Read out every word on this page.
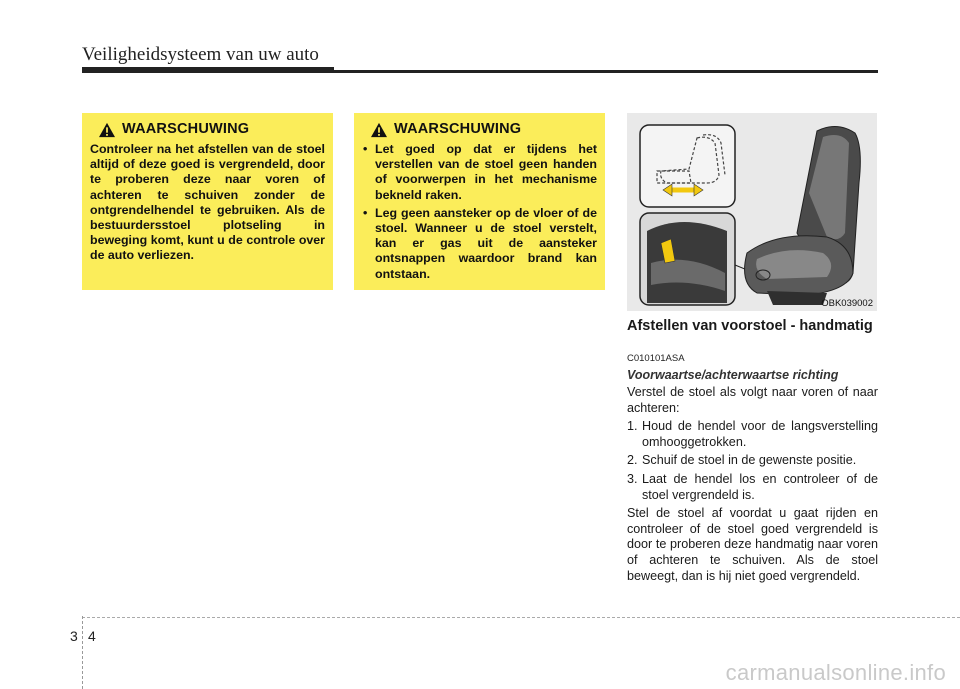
Veiligheidsysteem van uw auto
WAARSCHUWING
Controleer na het afstellen van de stoel altijd of deze goed is vergrendeld, door te proberen deze naar voren of achteren te schuiven zonder de ontgrendelhendel te gebruiken. Als de bestuurdersstoel plotseling in beweging komt, kunt u de controle over de auto verliezen.
WAARSCHUWING
• Let goed op dat er tijdens het verstellen van de stoel geen handen of voorwerpen in het mechanisme bekneld raken.
• Leg geen aansteker op de vloer of de stoel. Wanneer u de stoel verstelt, kan er gas uit de aansteker ontsnappen waardoor brand kan ontstaan.
OBK039002
Afstellen van voorstoel - handmatig
C010101ASA
Voorwaartse/achterwaartse richting

Verstel de stoel als volgt naar voren of naar achteren:

1. Houd de hendel voor de langsverstelling omhooggetrokken.
2. Schuif de stoel in de gewenste positie.
3. Laat de hendel los en controleer of de stoel vergrendeld is.

Stel de stoel af voordat u gaat rijden en controleer of de stoel goed vergrendeld is door te proberen deze handmatig naar voren of achteren te schuiven. Als de stoel beweegt, dan is hij niet goed vergrendeld.

3 4
carmanualsonline.info
